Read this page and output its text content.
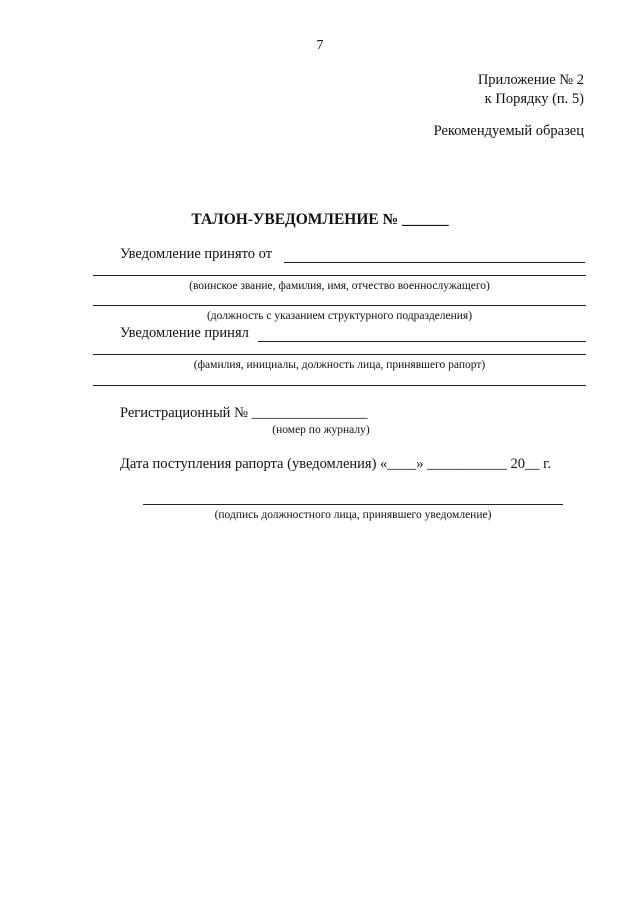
7
Приложение № 2
к Порядку (п. 5)
Рекомендуемый образец
ТАЛОН-УВЕДОМЛЕНИЕ № ______
Уведомление принято от
(воинское звание, фамилия, имя, отчество военнослужащего)
(должность с указанием структурного подразделения)
Уведомление принял
(фамилия, инициалы, должность лица, принявшего рапорт)
Регистрационный № ________________
(номер по журналу)
Дата поступления рапорта (уведомления) «____» ___________ 20__ г.
(подпись должностного лица, принявшего уведомление)
